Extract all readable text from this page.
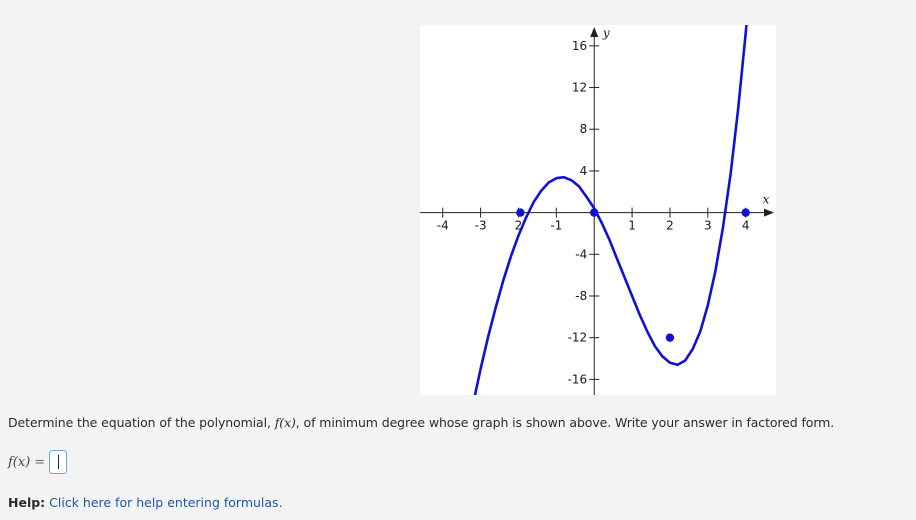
-4 -3 2 -1	1	2	3	4
-16
-12
-8
-4
4
8
12
16
x
y
Determine the equation of the polynomial, f(x), of minimum degree whose graph is shown above. Write your answer in factored form.
f(x) =
Help: Click here for help entering formulas.
